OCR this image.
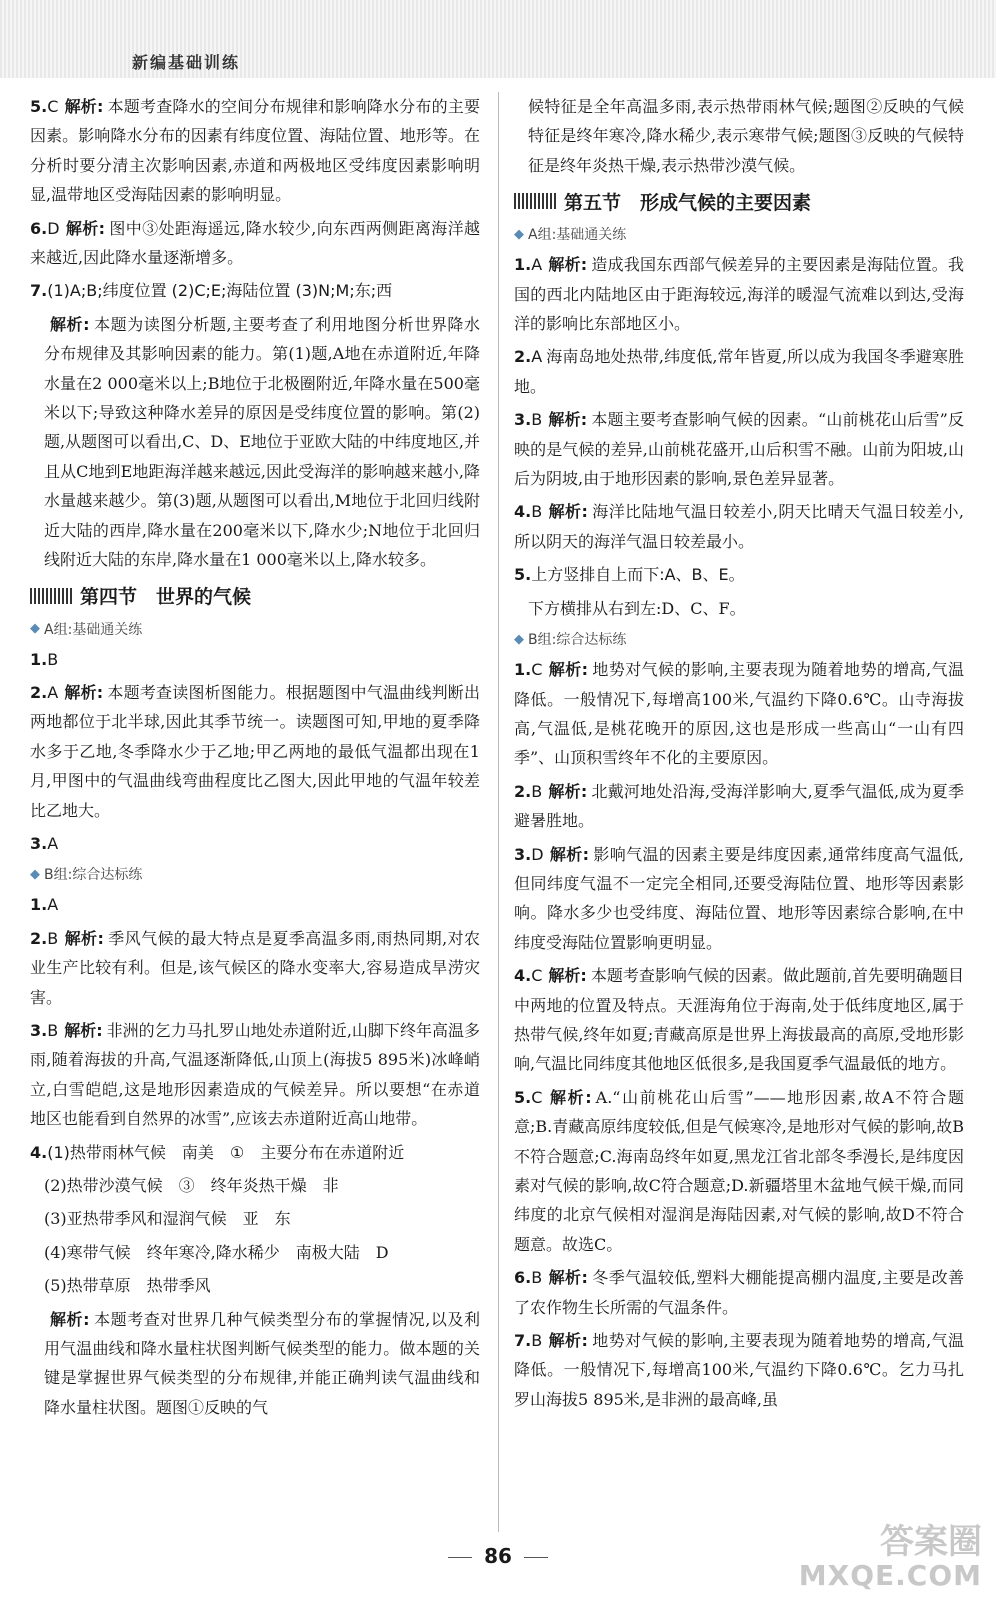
新编基础训练

5.C 解析: 本题考查降水的空间分布规律和影响降水分布的主要因素。影响降水分布的因素有纬度位置、海陆位置、地形等。在分析时要分清主次影响因素,赤道和两极地区受纬度因素影响明显,温带地区受海陆因素的影响明显。

6.D 解析: 图中③处距海遥远,降水较少,向东西两侧距离海洋越来越近,因此降水量逐渐增多。

7.(1)A;B;纬度位置 (2)C;E;海陆位置 (3)N;M;东;西

解析: 本题为读图分析题,主要考查了利用地图分析世界降水分布规律及其影响因素的能力。第(1)题,A地在赤道附近,年降水量在2 000毫米以上;B地位于北极圈附近,年降水量在500毫米以下;导致这种降水差异的原因是受纬度位置的影响。第(2)题,从题图可以看出,C、D、E地位于亚欧大陆的中纬度地区,并且从C地到E地距海洋越来越远,因此受海洋的影响越来越小,降水量越来越少。第(3)题,从题图可以看出,M地位于北回归线附近大陆的西岸,降水量在200毫米以下,降水少;N地位于北回归线附近大陆的东岸,降水量在1 000毫米以上,降水较多。

第四节　世界的气候
◆ A组:基础通关练

1.B

2.A 解析: 本题考查读图析图能力。根据题图中气温曲线判断出两地都位于北半球,因此其季节统一。读题图可知,甲地的夏季降水多于乙地,冬季降水少于乙地;甲乙两地的最低气温都出现在1月,甲图中的气温曲线弯曲程度比乙图大,因此甲地的气温年较差比乙地大。

3.A

◆ B组:综合达标练

1.A

2.B 解析: 季风气候的最大特点是夏季高温多雨,雨热同期,对农业生产比较有利。但是,该气候区的降水变率大,容易造成旱涝灾害。

3.B 解析: 非洲的乞力马扎罗山地处赤道附近,山脚下终年高温多雨,随着海拔的升高,气温逐渐降低,山顶上(海拔5 895米)冰峰峭立,白雪皑皑,这是地形因素造成的气候差异。所以要想“在赤道地区也能看到自然界的冰雪”,应该去赤道附近高山地带。

4.(1)热带雨林气候　南美　①　主要分布在赤道附近

(2)热带沙漠气候　③　终年炎热干燥　非

(3)亚热带季风和湿润气候　亚　东

(4)寒带气候　终年寒冷,降水稀少　南极大陆　D

(5)热带草原　热带季风

解析: 本题考查对世界几种气候类型分布的掌握情况,以及利用气温曲线和降水量柱状图判断气候类型的能力。做本题的关键是掌握世界气候类型的分布规律,并能正确判读气温曲线和降水量柱状图。题图①反映的气

候特征是全年高温多雨,表示热带雨林气候;题图②反映的气候特征是终年寒冷,降水稀少,表示寒带气候;题图③反映的气候特征是终年炎热干燥,表示热带沙漠气候。

第五节　形成气候的主要因素
◆ A组:基础通关练

1.A 解析: 造成我国东西部气候差异的主要因素是海陆位置。我国的西北内陆地区由于距海较远,海洋的暖湿气流难以到达,受海洋的影响比东部地区小。

2.A 海南岛地处热带,纬度低,常年皆夏,所以成为我国冬季避寒胜地。

3.B 解析: 本题主要考查影响气候的因素。“山前桃花山后雪”反映的是气候的差异,山前桃花盛开,山后积雪不融。山前为阳坡,山后为阴坡,由于地形因素的影响,景色差异显著。

4.B 解析: 海洋比陆地气温日较差小,阴天比晴天气温日较差小,所以阴天的海洋气温日较差最小。

5.上方竖排自上而下:A、B、E。

下方横排从右到左:D、C、F。

◆ B组:综合达标练

1.C 解析: 地势对气候的影响,主要表现为随着地势的增高,气温降低。一般情况下,每增高100米,气温约下降0.6℃。山寺海拔高,气温低,是桃花晚开的原因,这也是形成一些高山“一山有四季”、山顶积雪终年不化的主要原因。

2.B 解析: 北戴河地处沿海,受海洋影响大,夏季气温低,成为夏季避暑胜地。

3.D 解析: 影响气温的因素主要是纬度因素,通常纬度高气温低,但同纬度气温不一定完全相同,还要受海陆位置、地形等因素影响。降水多少也受纬度、海陆位置、地形等因素综合影响,在中纬度受海陆位置影响更明显。

4.C 解析: 本题考查影响气候的因素。做此题前,首先要明确题目中两地的位置及特点。天涯海角位于海南,处于低纬度地区,属于热带气候,终年如夏;青藏高原是世界上海拔最高的高原,受地形影响,气温比同纬度其他地区低很多,是我国夏季气温最低的地方。

5.C 解析: A.“山前桃花山后雪”——地形因素,故A不符合题意;B.青藏高原纬度较低,但是气候寒冷,是地形对气候的影响,故B不符合题意;C.海南岛终年如夏,黑龙江省北部冬季漫长,是纬度因素对气候的影响,故C符合题意;D.新疆塔里木盆地气候干燥,而同纬度的北京气候相对湿润是海陆因素,对气候的影响,故D不符合题意。故选C。

6.B 解析: 冬季气温较低,塑料大棚能提高棚内温度,主要是改善了农作物生长所需的气温条件。

7.B 解析: 地势对气候的影响,主要表现为随着地势的增高,气温降低。一般情况下,每增高100米,气温约下降0.6℃。乞力马扎罗山海拔5 895米,是非洲的最高峰,虽

86	答案圈
MXQE.COM
